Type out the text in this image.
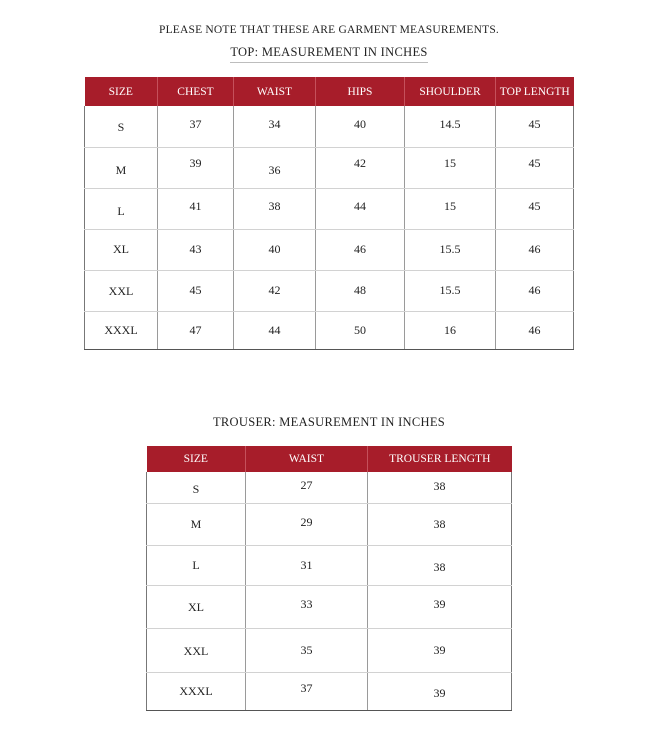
PLEASE NOTE THAT THESE ARE GARMENT MEASUREMENTS.
TOP: MEASUREMENT IN INCHES
SIZE	CHEST	WAIST	HIPS	SHOULDER	TOP LENGTH
S	37	34	40	14.5	45
M	39	36	42	15	45
L	41	38	44	15	45
XL	43	40	46	15.5	46
XXL	45	42	48	15.5	46
XXXL	47	44	50	16	46
TROUSER: MEASUREMENT IN INCHES
SIZE	WAIST	TROUSER LENGTH
S	27	38
M	29	38
L	31	38
XL	33	39
XXL	35	39
XXXL	37	39
